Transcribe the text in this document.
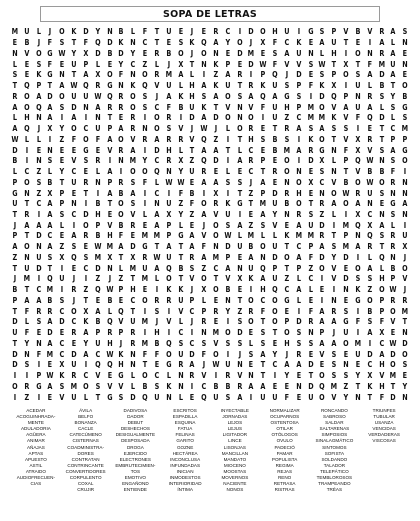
SOPA DE LETRAS
M U L	J O K D Y N B L F T U E	J	E R C	I D O H U I G S P V B V R A S
E B	J	F S T F Q D K N C T E S K Q A Y O J	X F C K E A U T E	I	A L N
N V O G W Y X D B D Y E R B O J O N E D M E S A U N L H I O N R A E
L E S F E U P L E Y C Z L	J	X T N K P E D W F V V S W T X T F M U N
S E K G N T A X O F N O R M A L	I	Z A R	I	P Q J D E S P O S A D A E
T Q P T A W Q R G N K Q V U L H A K U T R K U S P F K X	I U L B T O
R O A D O U U W Q R O S	J	A K H S A O S A Q A G S	I D Q P N R S Y B
A O Q A S D N A R R O S C F B U K T V N V F U H P M O V A U A L S G
L H N A	I	A	I N T E R	I O R	I D A D O N O I U Z C M M K V F Q D L S
A Q J	X Y O C U P A R N O S V	J W J	L O R E T R A S A S S	I	E T C M
W L L	I	Z F O F A O V R A R R V Q Z	I	T H S B S	I	K O T V X R T P P
D I	E N E E G E V R A	I D H L T A A T L C E B M A R G N F X V S A G
B	I N S E V S R	I N M Y C R X Z Q D I	A R P E O I D X L P Q W N S O
L C Z L Y C E L A	I O O Q N Y U R E L E C T R O N E S N T V B B F	I
P O S B T U R N P R S F L W W E A A S S	J	A E N O X C V B O W O R N
G N Z X P E T	I	A B A	I	C	I	F B	I	X	I	T Z P D R H E N O W R U S N N
U T C A P N I	B T O S	I N U Z F O R K G T M U B O T R A O A N E G A
T R	I	A S C D H E O V L A X Y Z A V U I	E A Y N R S Z L	I	X C N S N
J	A A A L	I O P V B R E A P L E	J O S A Z S V E A U D I M Q X A L	I
P T D C E A R B H F E M M P G A V O W L M L L K M M R T P N Q S R U
A O N A Z S E W M A D G T A T A F N D U B O U T C P A S M A R T R X
Z N U S X Q S M X T X R W U T R A M P E A N D O A F D Y D I	L Q N J
T U D T	I	E C D N L M U A Q B S Z C A N U Q P T P Z O V E O A L B O
J M I Q U J	I	Z	J	Z T M L O T V O T V X K A U Z L C	I	V D S S H P V
B T C M I	R Z Q W P H E	I	K K	J	X O B E	I H Q C A L E	I N K Z O W J
P A A B S	J	T E B E C O R R U P L E N T O C O G L E	I N E G O P R R
T F R R C O X A L Q T	I	S	I	V C P R Y Z R F O E	I	F A R S	I	B P O M
D L S A D C K B Q V U M J	V L	J	R E	I	S O T O P D R A A G F S F V T
U F E D E R A P R P R	I H I	C	I N M O D E S T O S N P	J U I	A X E N
T Y N A C E Y U H J	R M B Q S C S V S S L S E H S S A A O M I	C W D
D N F M C D A C W K N F F O U D F O I	J	S A Y	J	R E V S E U D A D O
D S	I	E X U I Q Q H N T E G R A	J W U N E T C A A D E S N E C H O S
I	I	P W K R C V E G L O C L N R V	I	R V N T	I	Y E T O S S Y X V M E
O R G A S M O S V V L B S K N I	C B B R A A E E N D Q M Z T K H T Y
I	Z	I	E V U L T G S D Q U N L E Q U S A	I U U F E U O V Y N T F D N
ACEDAR
ACOGUINHRADA-
MENTE
ADULADORIA
AGÜERA
ANIMAR
AÑAJAS
APTAS
APUESTO
ASTIL
ATRAIDO
AUDIOFRECUEN-
CIAS
ÁVILA
BELFO
BONANZA
CACLE
CATECÚMENO
CISTERNAS
COADMINISTRA-
DORES
CONTRATAN
CONTRINCANTE
CONVERTIDORES
CORPULENTO
COXAL
CRUJIR
DADIVOSA
DADOR
DEBUT
DESHECHOS
DESIGUALMENTE
DESPOSADA
DROGA
EJERCIDO
ELECTRONES
EMBRUTECIMIEN-
TOS
EMOTIVO
ENGAÑOND
ENTIENDE
ESCRITOS
ESPADILLA
ESQUINA
FATUA
FELINAS
GARITO
GOZNE
HECTÁREA
INCONCLUSA
INFUNDADAS
INICIAN
INMODESTOS
INTERIORIDAD
ÍNTIMA
INYECTABLE
JORNADAS
LEJOS
LEJUS
LIGITADOR
LINCE
LISONJAS
MANCILLAN
MANDATO
MIOCENO
MOOSTAS
MOVERNOS
NACIENTE
NONOS
NORMALIZAR
OCUPARNOS
OSTENTOSA
OTILAR
OTÓLOGOS
OVULO
PADECIÓ
PAMAR
POPULISTA
REGIMA
REJAS
RENO
RETRASA
RISTRAS
RONCANDO
SABROSO
SALDAR
SALTARENAS
SIMPOSIOS
SINALAGMÁTICO
SINTOMOS
SOFISTA
SOLDANDO
TALADOR
TELEPÁTICO
TEMBLOROSOS
TRAMPEANDO
TRÉAS
TRIUNFES
TUBULAR
USANZA
VENCIDAS
VERDADERAS
VISCOSAS
